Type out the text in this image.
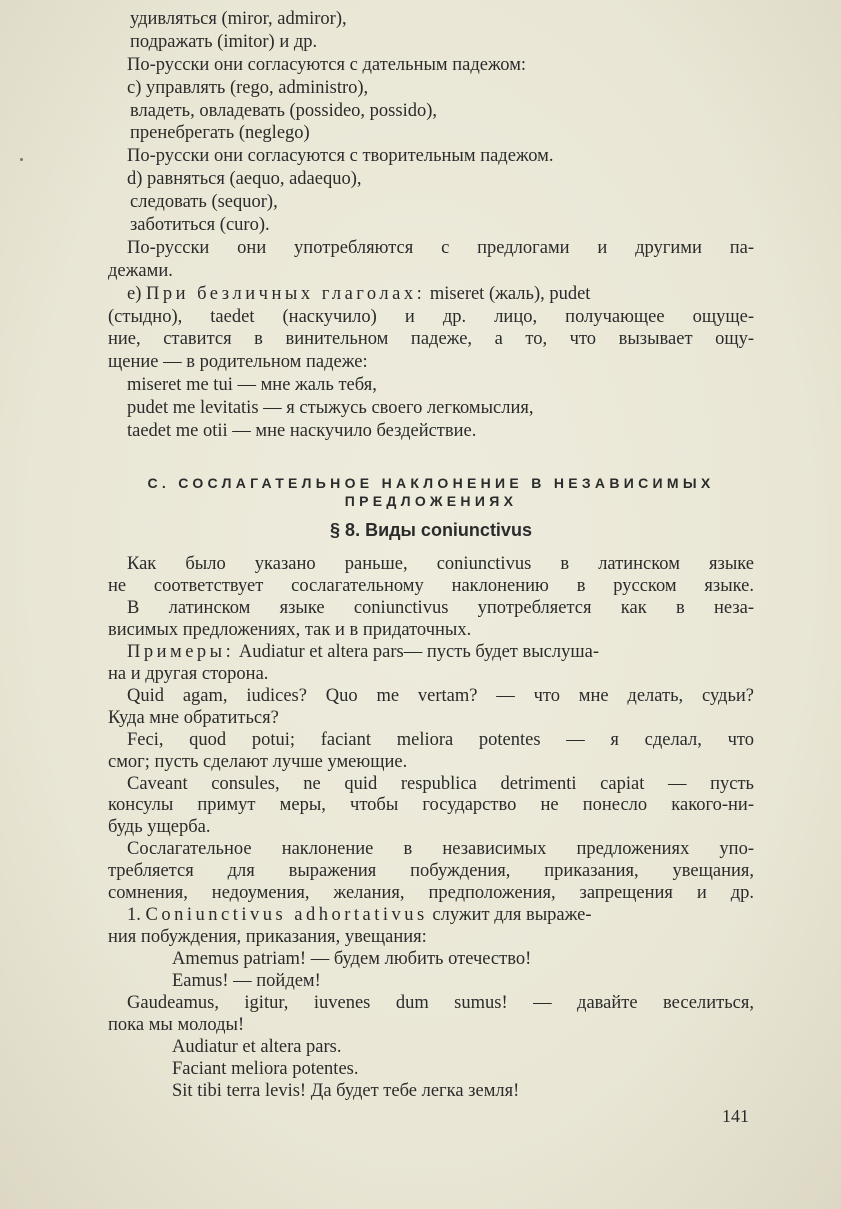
удивляться (miror, admiror),
подражать (imitor) и др.
По-русски они согласуются с дательным падежом:
c) управлять (rego, administro),
владеть, овладевать (possideo, possido),
пренебрегать (neglego)
По-русски они согласуются с творительным падежом.
d) равняться (aequo, adaequo),
следовать (sequor),
заботиться (curo).
По-русски они употребляются с предлогами и другими па-
дежами.
e) При безличных глаголах: miseret (жаль), pudet
(стыдно), taedet (наскучило) и др. лицо, получающее ощуще-
ние, ставится в винительном падеже, а то, что вызывает ощу-
щение — в родительном падеже:
miseret me tui — мне жаль тебя,
pudet me levitatis — я стыжусь своего легкомыслия,
taedet me otii — мне наскучило бездействие.
C. СОСЛАГАТЕЛЬНОЕ НАКЛОНЕНИЕ В НЕЗАВИСИМЫХ
ПРЕДЛОЖЕНИЯХ
§ 8. Виды coniunctivus
Как было указано раньше, coniunctivus в латинском языке
не соответствует сослагательному наклонению в русском языке.
В латинском языке coniunctivus употребляется как в неза-
висимых предложениях, так и в придаточных.
Примеры: Audiatur et altera pars— пусть будет выслуша-
на и другая сторона.
Quid agam, iudices? Quo me vertam? — что мне делать, судьи?
Куда мне обратиться?
Feci, quod potui; faciant meliora potentes — я сделал, что
смог; пусть сделают лучше умеющие.
Caveant consules, ne quid respublica detrimenti capiat — пусть
консулы примут меры, чтобы государство не понесло какого-ни-
будь ущерба.
Сослагательное наклонение в независимых предложениях упо-
требляется для выражения побуждения, приказания, увещания,
сомнения, недоумения, желания, предположения, запрещения и др.
1. Coniunctivus adhortativus служит для выраже-
ния побуждения, приказания, увещания:
Amemus patriam! — будем любить отечество!
Eamus! — пойдем!
Gaudeamus, igitur, iuvenes dum sumus! — давайте веселиться,
пока мы молоды!
Audiatur et altera pars.
Faciant meliora potentes.
Sit tibi terra levis! Да будет тебе легка земля!
141
